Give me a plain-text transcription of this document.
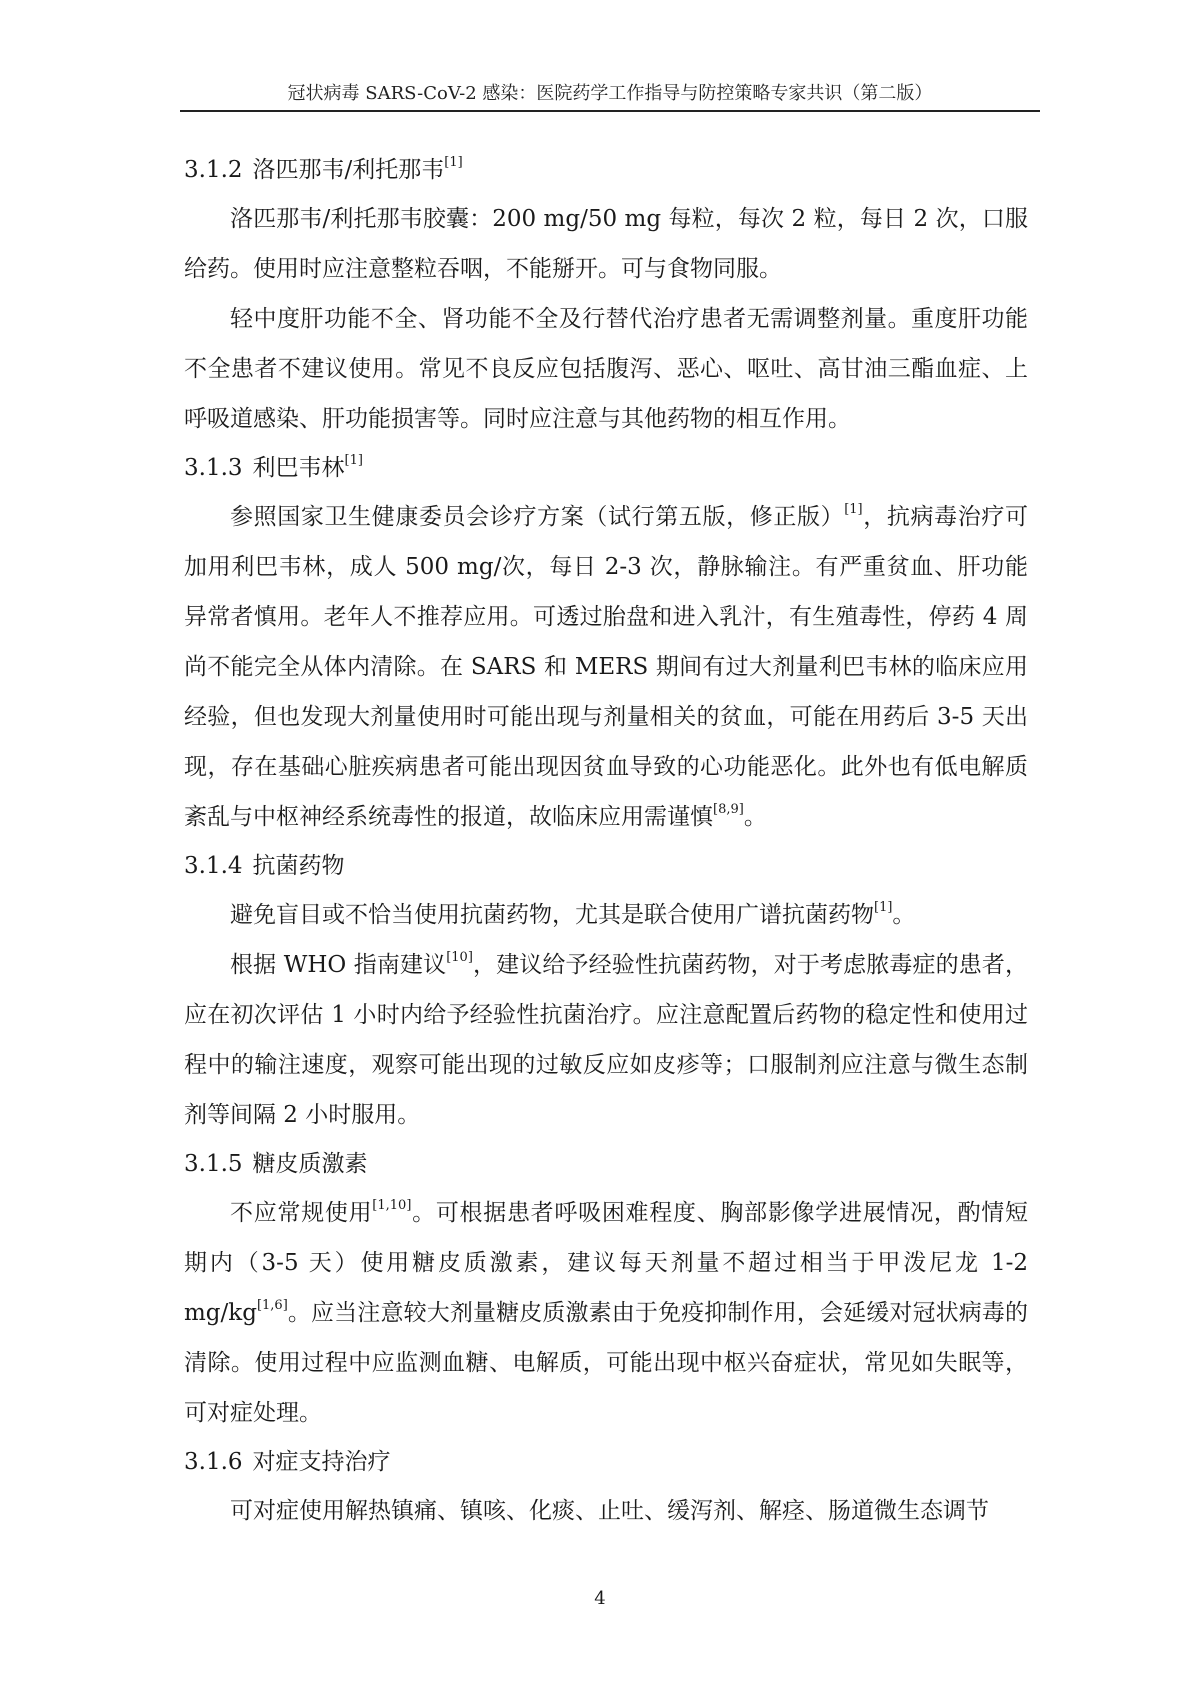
冠状病毒 SARS-CoV-2 感染：医院药学工作指导与防控策略专家共识（第二版）
3.1.2 洛匹那韦/利托那韦[1]

洛匹那韦/利托那韦胶囊：200 mg/50 mg 每粒，每次 2 粒，每日 2 次，口服给药。使用时应注意整粒吞咽，不能掰开。可与食物同服。

轻中度肝功能不全、肾功能不全及行替代治疗患者无需调整剂量。重度肝功能不全患者不建议使用。常见不良反应包括腹泻、恶心、呕吐、高甘油三酯血症、上呼吸道感染、肝功能损害等。同时应注意与其他药物的相互作用。

3.1.3 利巴韦林[1]

参照国家卫生健康委员会诊疗方案（试行第五版，修正版）[1]，抗病毒治疗可加用利巴韦林，成人 500 mg/次，每日 2-3 次，静脉输注。有严重贫血、肝功能异常者慎用。老年人不推荐应用。可透过胎盘和进入乳汁，有生殖毒性，停药 4 周尚不能完全从体内清除。在 SARS 和 MERS 期间有过大剂量利巴韦林的临床应用经验，但也发现大剂量使用时可能出现与剂量相关的贫血，可能在用药后 3-5 天出现，存在基础心脏疾病患者可能出现因贫血导致的心功能恶化。此外也有低电解质紊乱与中枢神经系统毒性的报道，故临床应用需谨慎[8,9]。

3.1.4 抗菌药物

避免盲目或不恰当使用抗菌药物，尤其是联合使用广谱抗菌药物[1]。

根据 WHO 指南建议[10]，建议给予经验性抗菌药物，对于考虑脓毒症的患者，应在初次评估 1 小时内给予经验性抗菌治疗。应注意配置后药物的稳定性和使用过程中的输注速度，观察可能出现的过敏反应如皮疹等；口服制剂应注意与微生态制剂等间隔 2 小时服用。

3.1.5 糖皮质激素

不应常规使用[1,10]。可根据患者呼吸困难程度、胸部影像学进展情况，酌情短期内（3-5 天）使用糖皮质激素，建议每天剂量不超过相当于甲泼尼龙 1-2 mg/kg[1,6]。应当注意较大剂量糖皮质激素由于免疫抑制作用，会延缓对冠状病毒的清除。使用过程中应监测血糖、电解质，可能出现中枢兴奋症状，常见如失眠等，可对症处理。

3.1.6 对症支持治疗

可对症使用解热镇痛、镇咳、化痰、止吐、缓泻剂、解痉、肠道微生态调节

4
